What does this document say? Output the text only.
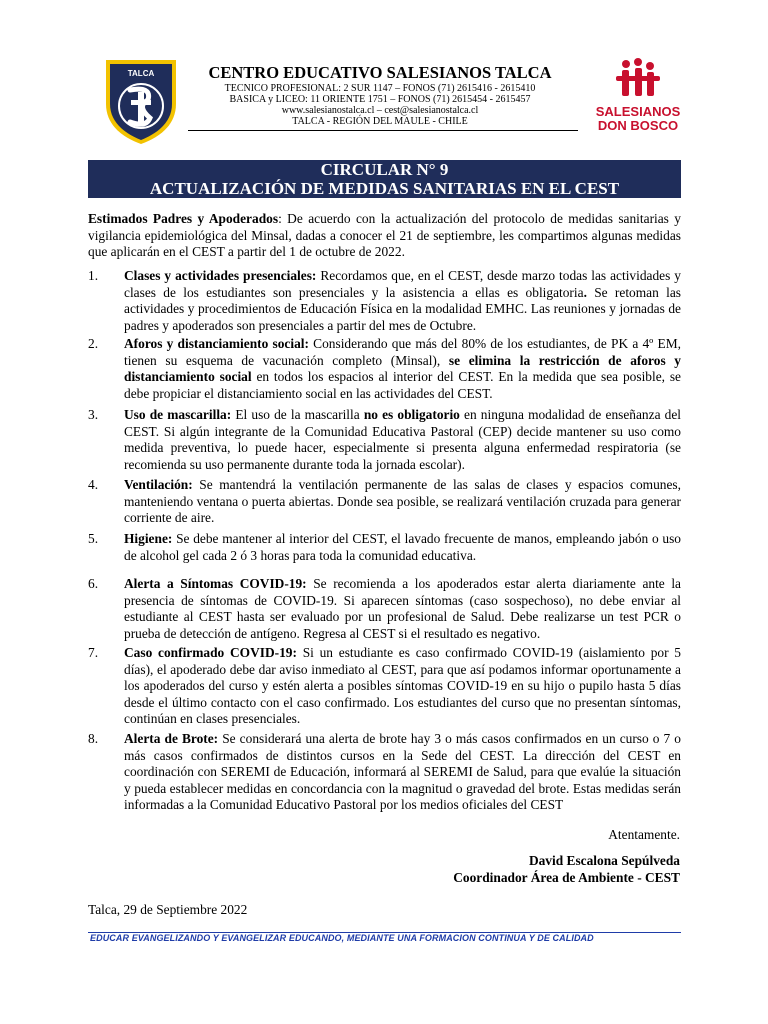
TALCA	CENTRO EDUCATIVO SALESIANOS TALCA
TECNICO PROFESIONAL: 2 SUR 1147 – FONOS (71) 2615416 - 2615410
BASICA y LICEO: 11 ORIENTE 1751 – FONOS (71) 2615454 - 2615457
www.salesianostalca.cl – cest@salesianostalca.cl
TALCA - REGIÓN DEL MAULE - CHILE
SALESIANOS
DON BOSCO
CIRCULAR N° 9
ACTUALIZACIÓN DE MEDIDAS SANITARIAS EN EL CEST
Estimados Padres y Apoderados: De acuerdo con la actualización del protocolo de medidas sanitarias y vigilancia epidemiológica del Minsal, dadas a conocer el 21 de septiembre, les compartimos algunas medidas que aplicarán en el CEST a partir del 1 de octubre de 2022.
1.	Clases y actividades presenciales: Recordamos que, en el CEST, desde marzo todas las actividades y clases de los estudiantes son presenciales y la asistencia a ellas es obligatoria. Se retoman las actividades y procedimientos de Educación Física en la modalidad EMHC. Las reuniones y jornadas de padres y apoderados son presenciales a partir del mes de Octubre.
2.	Aforos y distanciamiento social: Considerando que más del 80% de los estudiantes, de PK a 4º EM, tienen su esquema de vacunación completo (Minsal), se elimina la restricción de aforos y distanciamiento social en todos los espacios al interior del CEST. En la medida que sea posible, se debe propiciar el distanciamiento social en las actividades del CEST.
3.	Uso de mascarilla: El uso de la mascarilla no es obligatorio en ninguna modalidad de enseñanza del CEST. Si algún integrante de la Comunidad Educativa Pastoral (CEP) decide mantener su uso como medida preventiva, lo puede hacer, especialmente si presenta alguna enfermedad respiratoria (se recomienda su uso permanente durante toda la jornada escolar).
4.	Ventilación: Se mantendrá la ventilación permanente de las salas de clases y espacios comunes, manteniendo ventana o puerta abiertas. Donde sea posible, se realizará ventilación cruzada para generar corriente de aire.
5.	Higiene: Se debe mantener al interior del CEST, el lavado frecuente de manos, empleando jabón o uso de alcohol gel cada 2 ó 3 horas para toda la comunidad educativa.
6.	Alerta a Síntomas COVID-19: Se recomienda a los apoderados estar alerta diariamente ante la presencia de síntomas de COVID-19. Si aparecen síntomas (caso sospechoso), no debe enviar al estudiante al CEST hasta ser evaluado por un profesional de Salud. Debe realizarse un test PCR o prueba de detección de antígeno. Regresa al CEST si el resultado es negativo.
7.	Caso confirmado COVID-19: Si un estudiante es caso confirmado COVID-19 (aislamiento por 5 días), el apoderado debe dar aviso inmediato al CEST, para que así podamos informar oportunamente a los apoderados del curso y estén alerta a posibles síntomas COVID-19 en su hijo o pupilo hasta 5 días desde el último contacto con el caso confirmado. Los estudiantes del curso que no presentan síntomas, continúan en clases presenciales.
8.	Alerta de Brote: Se considerará una alerta de brote hay 3 o más casos confirmados en un curso o 7 o más casos confirmados de distintos cursos en la Sede del CEST. La dirección del CEST en coordinación con SEREMI de Educación, informará al SEREMI de Salud, para que evalúe la situación y pueda establecer medidas en concordancia con la magnitud o gravedad del brote. Estas medidas serán informadas a la Comunidad Educativo Pastoral por los medios oficiales del CEST
Atentamente.
David Escalona Sepúlveda
Coordinador Área de Ambiente - CEST
Talca, 29 de Septiembre 2022
EDUCAR EVANGELIZANDO Y EVANGELIZAR EDUCANDO, MEDIANTE UNA FORMACION CONTINUA Y DE CALIDAD
